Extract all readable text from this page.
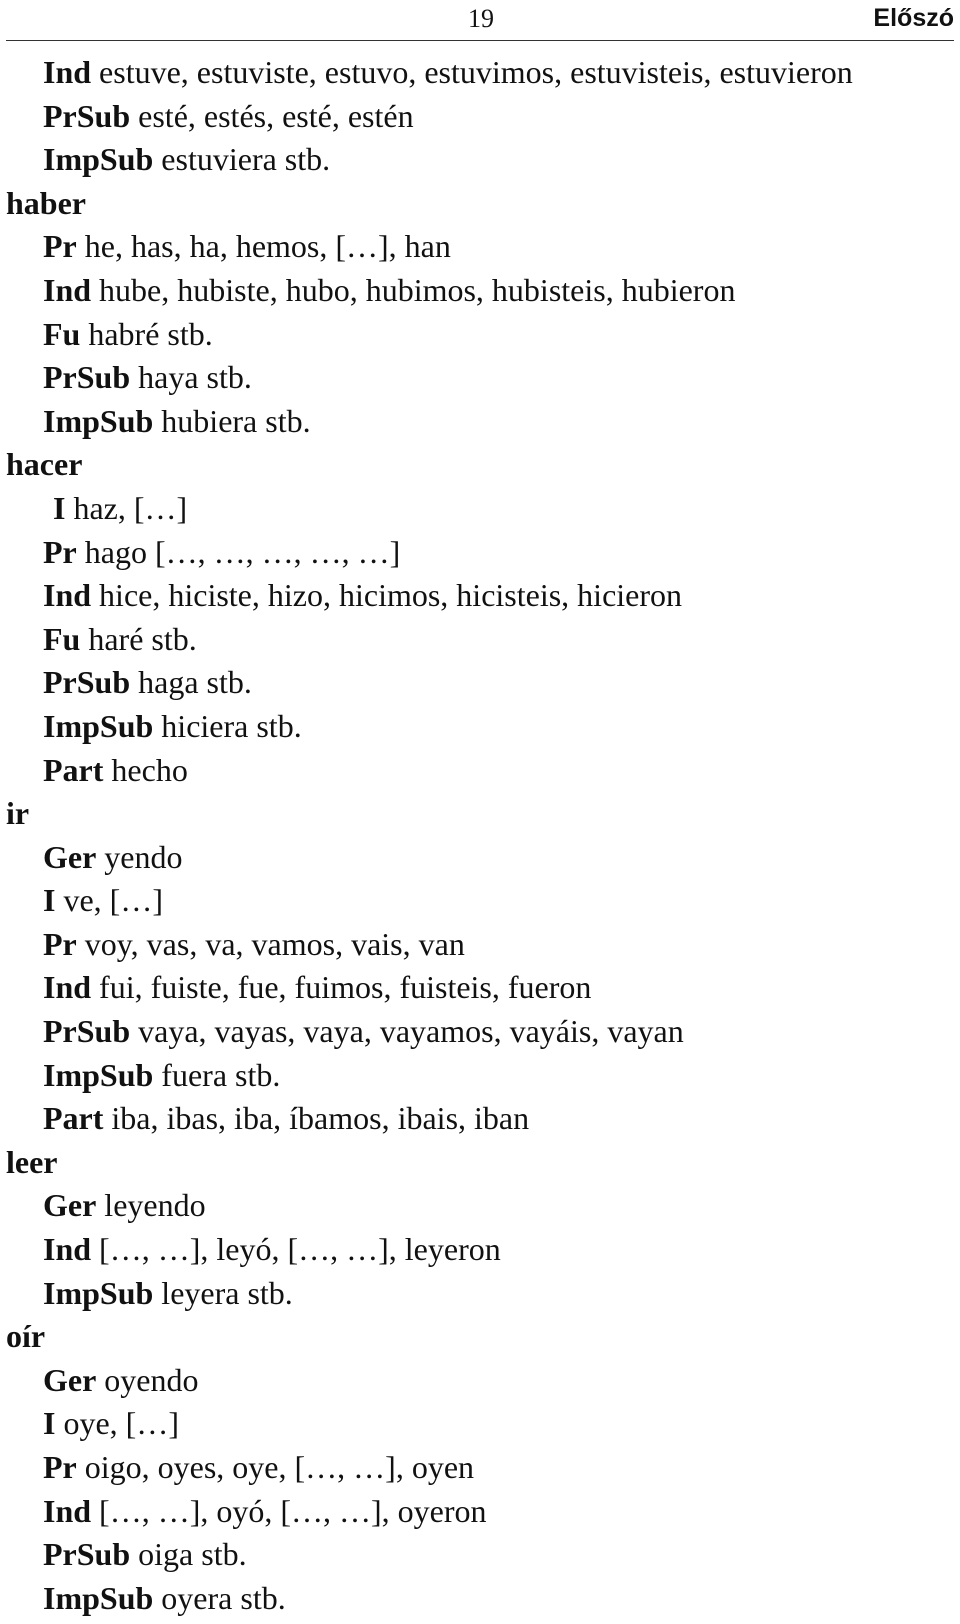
19	Előszó
Ind estuve, estuviste, estuvo, estuvimos, estuvisteis, estuvieron
PrSub esté, estés, esté, estén
ImpSub estuviera stb.
haber
Pr he, has, ha, hemos, […], han
Ind hube, hubiste, hubo, hubimos, hubisteis, hubieron
Fu habré stb.
PrSub haya stb.
ImpSub hubiera stb.
hacer
I haz, […]
Pr hago […, …, …, …, …]
Ind hice, hiciste, hizo, hicimos, hicisteis, hicieron
Fu haré stb.
PrSub haga stb.
ImpSub hiciera stb.
Part hecho
ir
Ger yendo
I ve, […]
Pr voy, vas, va, vamos, vais, van
Ind fui, fuiste, fue, fuimos, fuisteis, fueron
PrSub vaya, vayas, vaya, vayamos, vayáis, vayan
ImpSub fuera stb.
Part iba, ibas, iba, íbamos, ibais, iban
leer
Ger leyendo
Ind […, …], leyó, […, …], leyeron
ImpSub leyera stb.
oír
Ger oyendo
I oye, […]
Pr oigo, oyes, oye, […, …], oyen
Ind […, …], oyó, […, …], oyeron
PrSub oiga stb.
ImpSub oyera stb.
